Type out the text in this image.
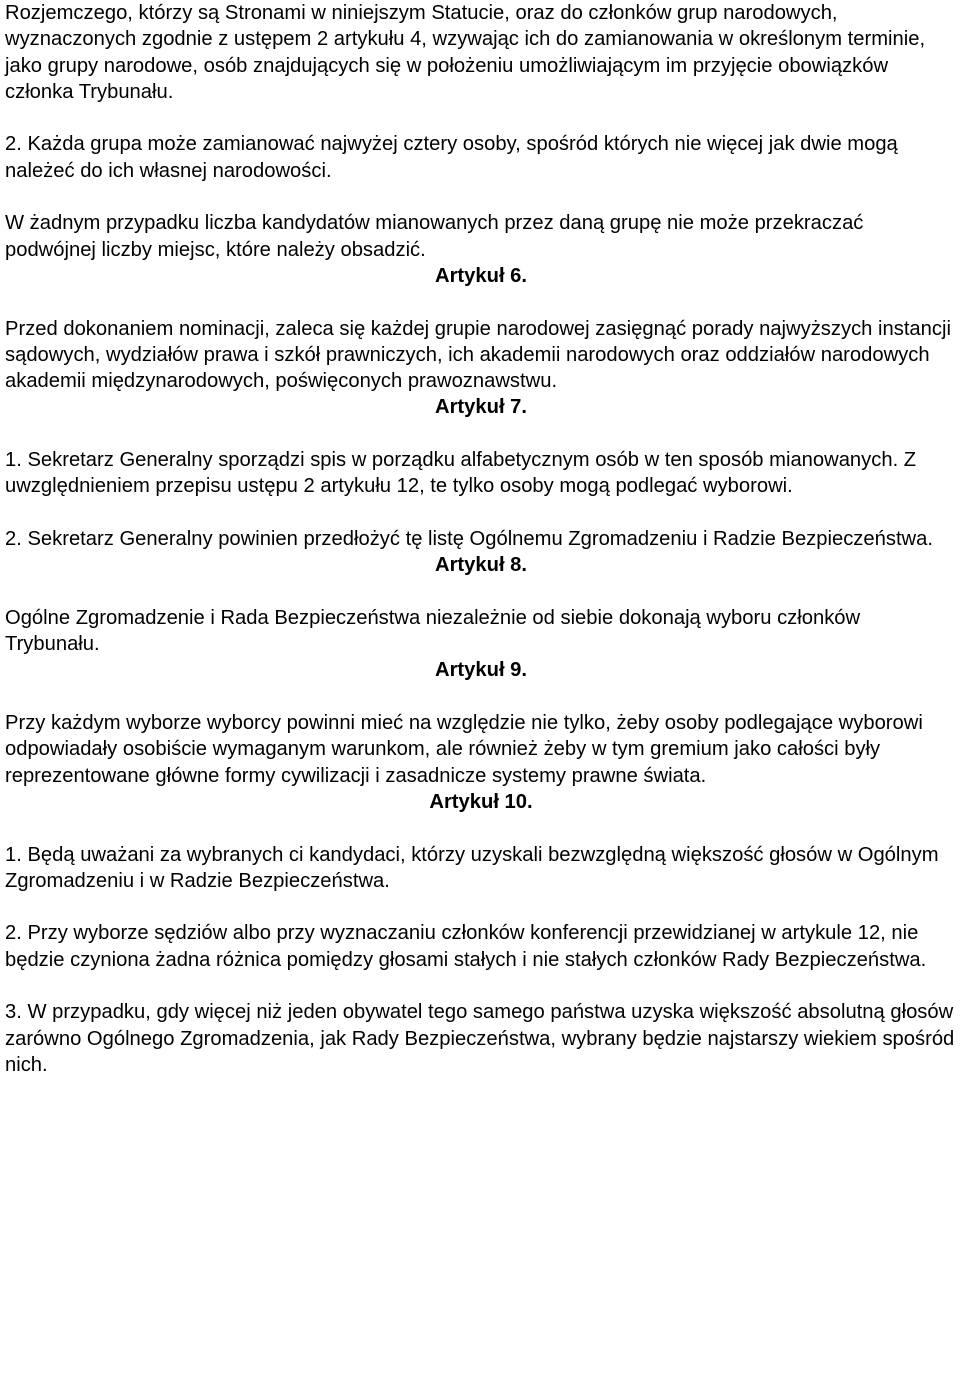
Rozjemczego, którzy są Stronami w niniejszym Statucie, oraz do członków grup narodowych, wyznaczonych zgodnie z ustępem 2 artykułu 4, wzywając ich do zamianowania w określonym terminie, jako grupy narodowe, osób znajdujących się w położeniu umożliwiającym im przyjęcie obowiązków członka Trybunału.

2. Każda grupa może zamianować najwyżej cztery osoby, spośród których nie więcej jak dwie mogą należeć do ich własnej narodowości.

W żadnym przypadku liczba kandydatów mianowanych przez daną grupę nie może przekraczać podwójnej liczby miejsc, które należy obsadzić.

Artykuł 6.

Przed dokonaniem nominacji, zaleca się każdej grupie narodowej zasięgnąć porady najwyższych instancji sądowych, wydziałów prawa i szkół prawniczych, ich akademii narodowych oraz oddziałów narodowych akademii międzynarodowych, poświęconych prawoznawstwu.

Artykuł 7.

1. Sekretarz Generalny sporządzi spis w porządku alfabetycznym osób w ten sposób mianowanych. Z uwzględnieniem przepisu ustępu 2 artykułu 12, te tylko osoby mogą podlegać wyborowi.

2. Sekretarz Generalny powinien przedłożyć tę listę Ogólnemu Zgromadzeniu i Radzie Bezpieczeństwa.

Artykuł 8.

Ogólne Zgromadzenie i Rada Bezpieczeństwa niezależnie od siebie dokonają wyboru członków Trybunału.

Artykuł 9.

Przy każdym wyborze wyborcy powinni mieć na względzie nie tylko, żeby osoby podlegające wyborowi odpowiadały osobiście wymaganym warunkom, ale również żeby w tym gremium jako całości były reprezentowane główne formy cywilizacji i zasadnicze systemy prawne świata.

Artykuł 10.

1. Będą uważani za wybranych ci kandydaci, którzy uzyskali bezwzględną większość głosów w Ogólnym Zgromadzeniu i w Radzie Bezpieczeństwa.

2. Przy wyborze sędziów albo przy wyznaczaniu członków konferencji przewidzianej w artykule 12, nie będzie czyniona żadna różnica pomiędzy głosami stałych i nie stałych członków Rady Bezpieczeństwa.

3. W przypadku, gdy więcej niż jeden obywatel tego samego państwa uzyska większość absolutną głosów zarówno Ogólnego Zgromadzenia, jak Rady Bezpieczeństwa, wybrany będzie najstarszy wiekiem spośród nich.
